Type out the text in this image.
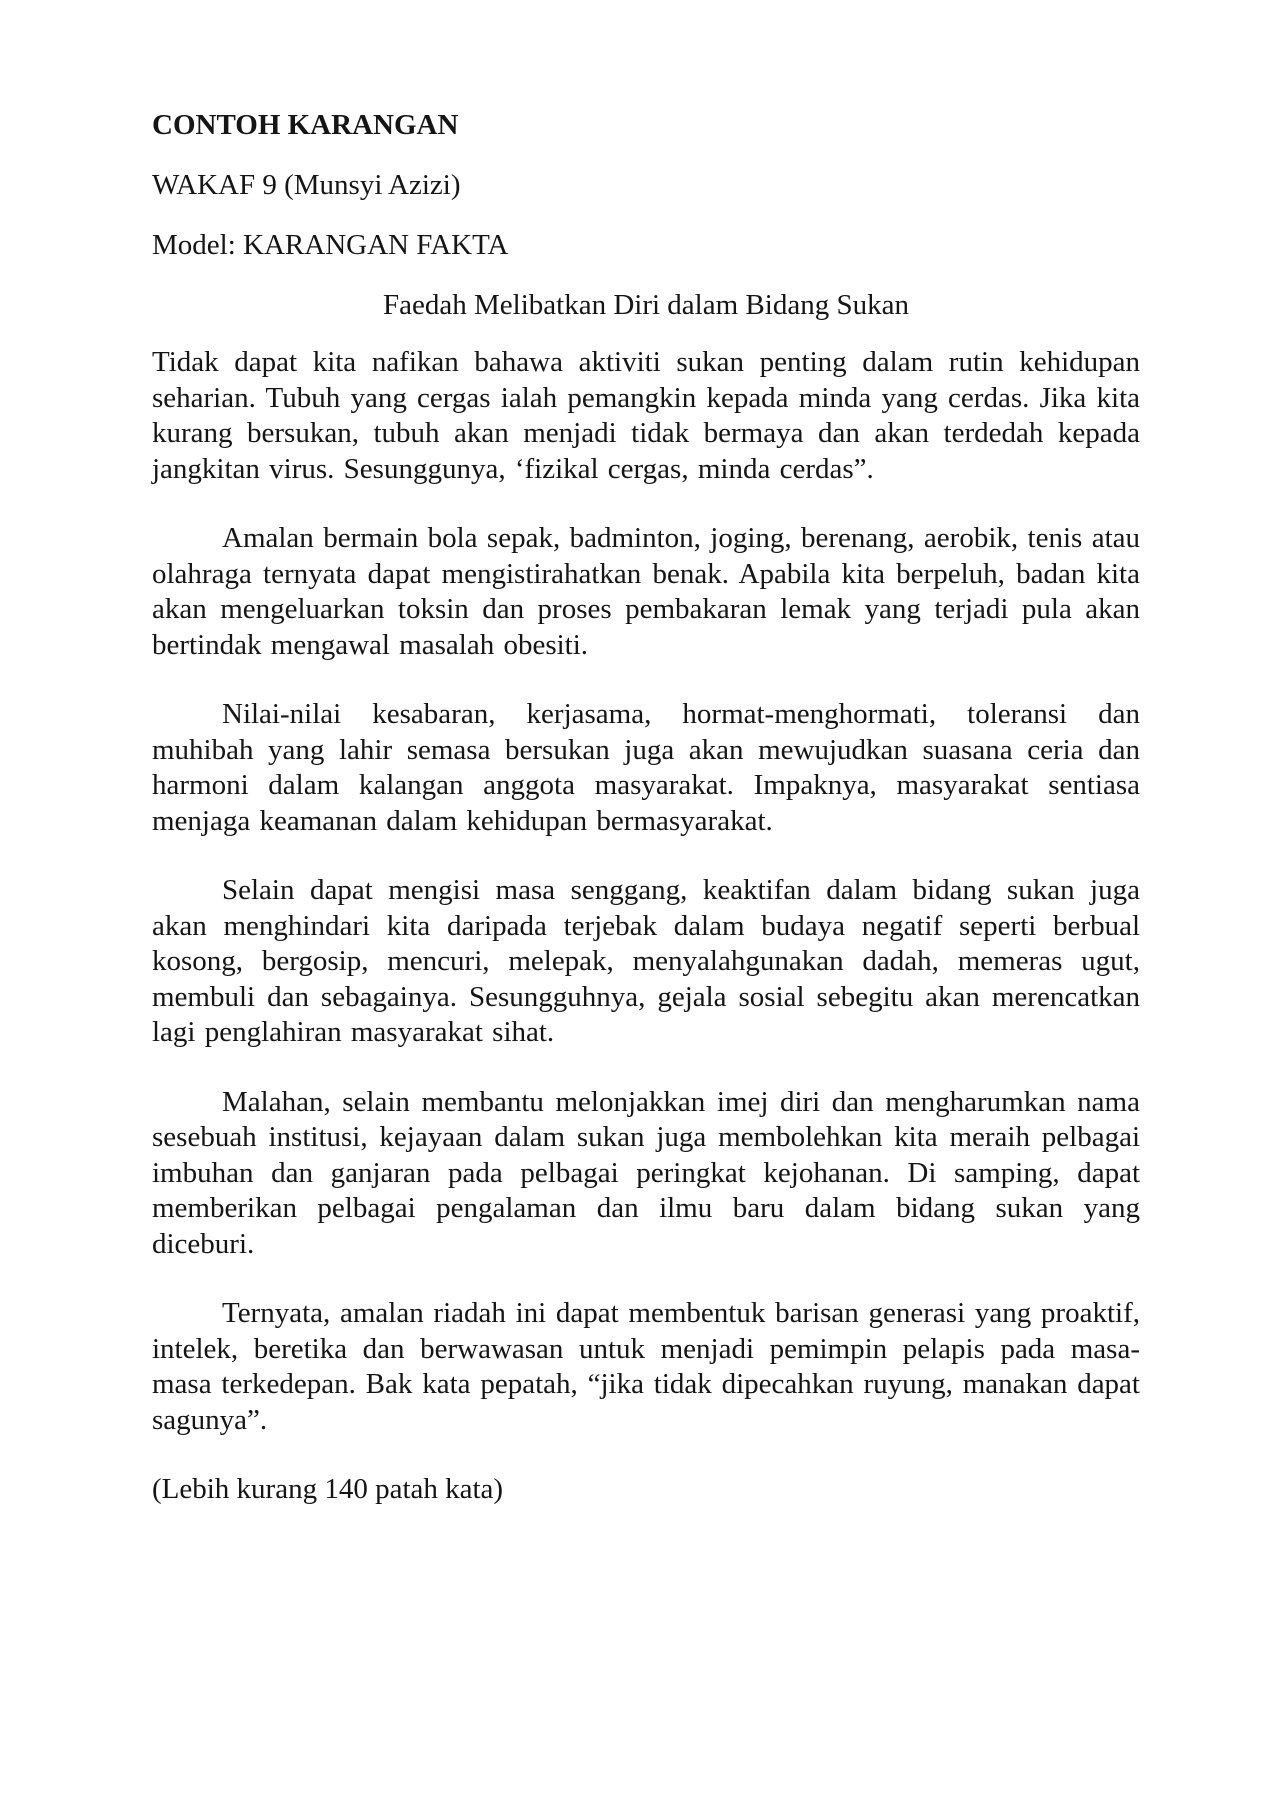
CONTOH KARANGAN

WAKAF 9 (Munsyi Azizi)

Model: KARANGAN FAKTA

Faedah Melibatkan Diri dalam Bidang Sukan

Tidak dapat kita nafikan bahawa aktiviti sukan penting dalam rutin kehidupan seharian. Tubuh yang cergas ialah pemangkin kepada minda yang cerdas. Jika kita kurang bersukan, tubuh akan menjadi tidak bermaya dan akan terdedah kepada jangkitan virus. Sesunggunya, ‘fizikal cergas, minda cerdas”.

Amalan bermain bola sepak, badminton, joging, berenang, aerobik, tenis atau olahraga ternyata dapat mengistirahatkan benak. Apabila kita berpeluh, badan kita akan mengeluarkan toksin dan proses pembakaran lemak yang terjadi pula akan bertindak mengawal masalah obesiti.

Nilai-nilai kesabaran, kerjasama, hormat-menghormati, toleransi dan muhibah yang lahir semasa bersukan juga akan mewujudkan suasana ceria dan harmoni dalam kalangan anggota masyarakat. Impaknya, masyarakat sentiasa menjaga keamanan dalam kehidupan bermasyarakat.

Selain dapat mengisi masa senggang, keaktifan dalam bidang sukan juga akan menghindari kita daripada terjebak dalam budaya negatif seperti berbual kosong, bergosip, mencuri, melepak, menyalahgunakan dadah, memeras ugut, membuli dan sebagainya. Sesungguhnya, gejala sosial sebegitu akan merencatkan lagi penglahiran masyarakat sihat.

Malahan, selain membantu melonjakkan imej diri dan mengharumkan nama sesebuah institusi, kejayaan dalam sukan juga membolehkan kita meraih pelbagai imbuhan dan ganjaran pada pelbagai peringkat kejohanan. Di samping, dapat memberikan pelbagai pengalaman dan ilmu baru dalam bidang sukan yang diceburi.

Ternyata, amalan riadah ini dapat membentuk barisan generasi yang proaktif, intelek, beretika dan berwawasan untuk menjadi pemimpin pelapis pada masa-masa terkedepan. Bak kata pepatah, “jika tidak dipecahkan ruyung, manakan dapat sagunya”.

(Lebih kurang 140 patah kata)
